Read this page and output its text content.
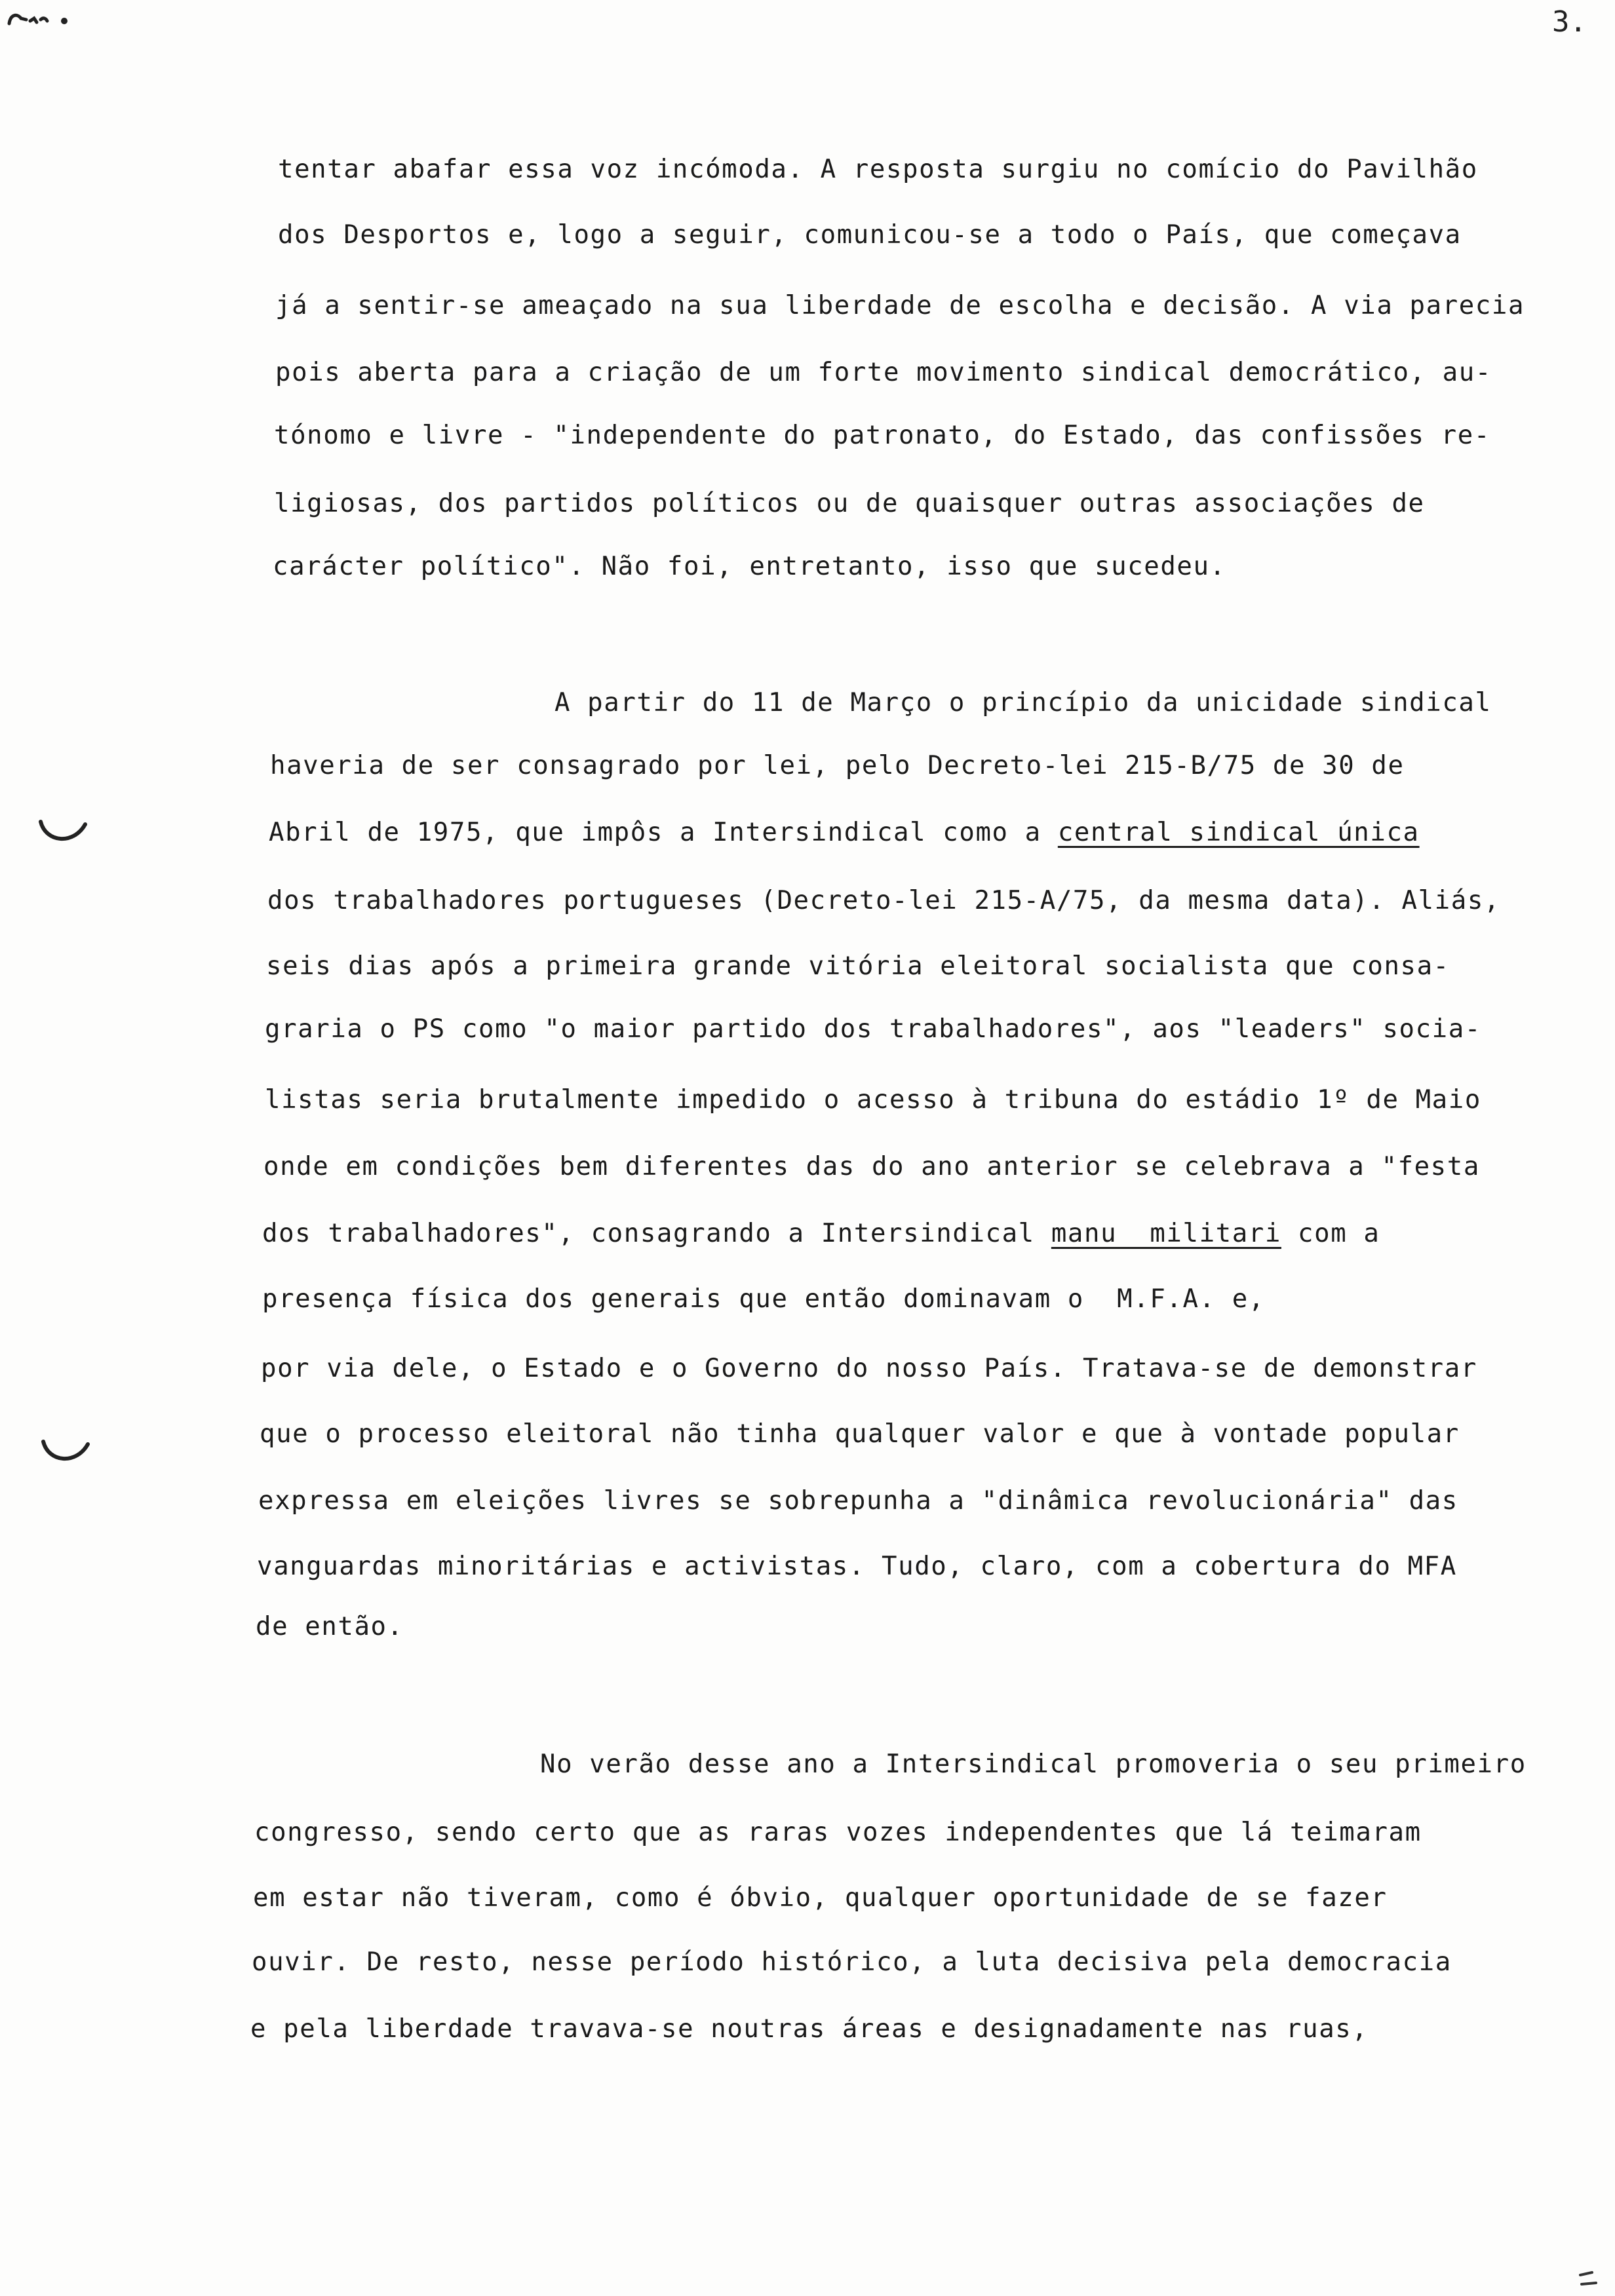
3.
tentar abafar essa voz incómoda. A resposta surgiu no comício do Pavilhão
dos Desportos e, logo a seguir, comunicou-se a todo o País, que começava
já a sentir-se ameaçado na sua liberdade de escolha e decisão. A via parecia
pois aberta para a criação de um forte movimento sindical democrático, au-
tónomo e livre - "independente do patronato, do Estado, das confissões re-
ligiosas, dos partidos políticos ou de quaisquer outras associações de
carácter político". Não foi, entretanto, isso que sucedeu.
A partir do 11 de Março o princípio da unicidade sindical
haveria de ser consagrado por lei, pelo Decreto-lei 215-B/75 de 30 de
Abril de 1975, que impôs a Intersindical como a central sindical única
dos trabalhadores portugueses (Decreto-lei 215-A/75, da mesma data). Aliás,
seis dias após a primeira grande vitória eleitoral socialista que consa-
graria o PS como "o maior partido dos trabalhadores", aos "leaders" socia-
listas seria brutalmente impedido o acesso à tribuna do estádio 1º de Maio
onde em condições bem diferentes das do ano anterior se celebrava a "festa
dos trabalhadores", consagrando a Intersindical manu  militari com a
presença física dos generais que então dominavam o  M.F.A. e,
por via dele, o Estado e o Governo do nosso País. Tratava-se de demonstrar
que o processo eleitoral não tinha qualquer valor e que à vontade popular
expressa em eleições livres se sobrepunha a "dinâmica revolucionária" das
vanguardas minoritárias e activistas. Tudo, claro, com a cobertura do MFA
de então.
No verão desse ano a Intersindical promoveria o seu primeiro
congresso, sendo certo que as raras vozes independentes que lá teimaram
em estar não tiveram, como é óbvio, qualquer oportunidade de se fazer
ouvir. De resto, nesse período histórico, a luta decisiva pela democracia
e pela liberdade travava-se noutras áreas e designadamente nas ruas,
